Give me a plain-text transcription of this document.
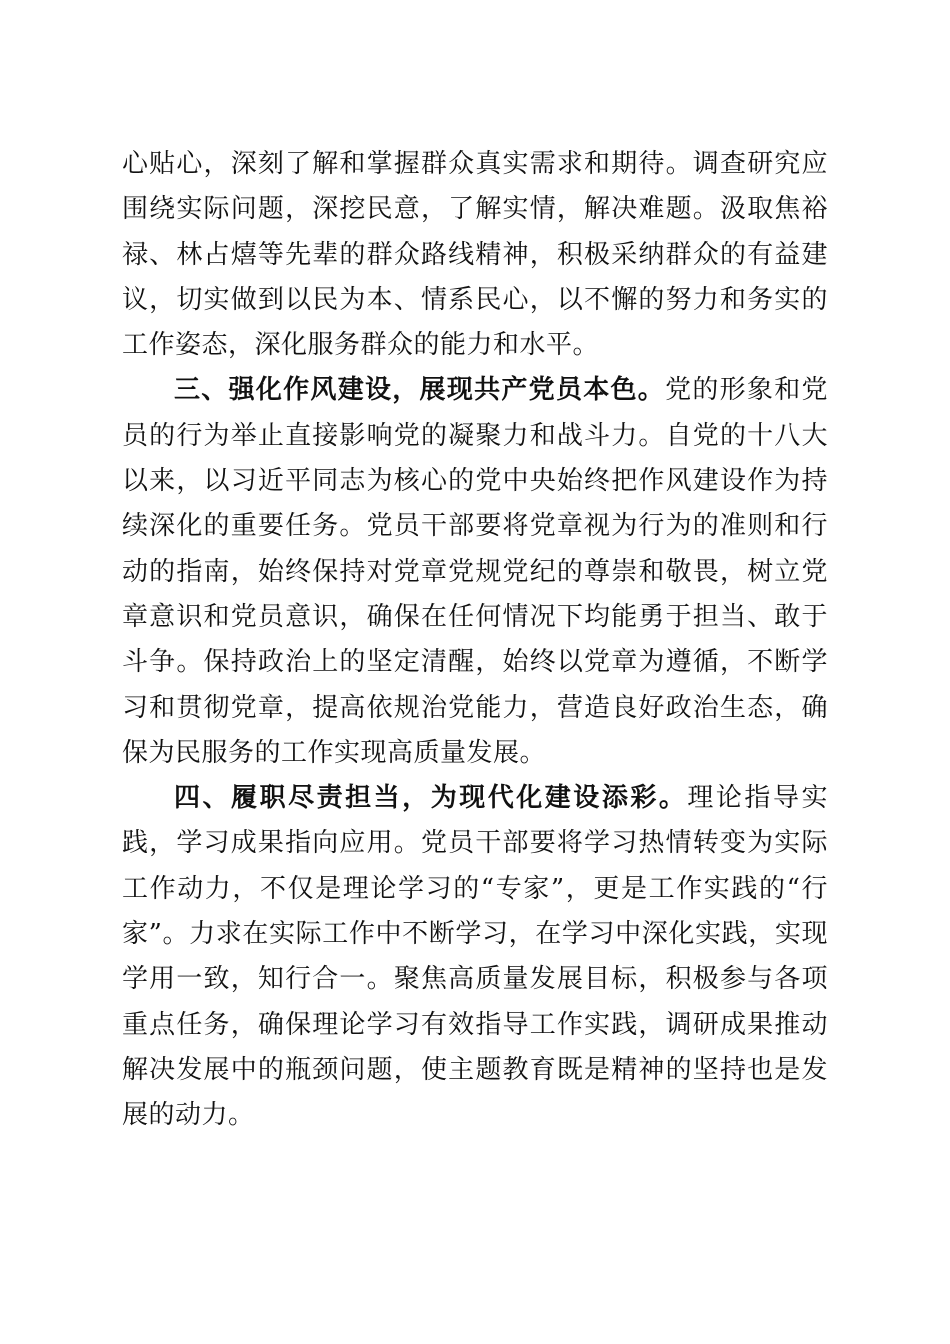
心贴心，深刻了解和掌握群众真实需求和期待。调查研究应围绕实际问题，深挖民意，了解实情，解决难题。汲取焦裕禄、林占熺等先辈的群众路线精神，积极采纳群众的有益建议，切实做到以民为本、情系民心，以不懈的努力和务实的工作姿态，深化服务群众的能力和水平。

三、强化作风建设，展现共产党员本色。党的形象和党员的行为举止直接影响党的凝聚力和战斗力。自党的十八大以来，以习近平同志为核心的党中央始终把作风建设作为持续深化的重要任务。党员干部要将党章视为行为的准则和行动的指南，始终保持对党章党规党纪的尊崇和敬畏，树立党章意识和党员意识，确保在任何情况下均能勇于担当、敢于斗争。保持政治上的坚定清醒，始终以党章为遵循，不断学习和贯彻党章，提高依规治党能力，营造良好政治生态，确保为民服务的工作实现高质量发展。

四、履职尽责担当，为现代化建设添彩。理论指导实践，学习成果指向应用。党员干部要将学习热情转变为实际工作动力，不仅是理论学习的“专家”，更是工作实践的“行家”。力求在实际工作中不断学习，在学习中深化实践，实现学用一致，知行合一。聚焦高质量发展目标，积极参与各项重点任务，确保理论学习有效指导工作实践，调研成果推动解决发展中的瓶颈问题，使主题教育既是精神的坚持也是发展的动力。
